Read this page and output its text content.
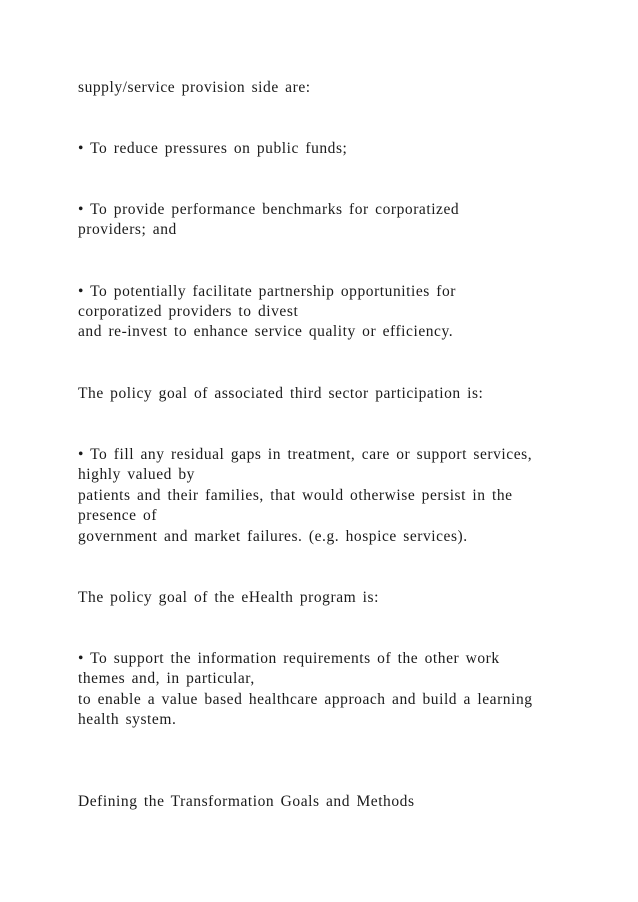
supply/service provision side are:
• To reduce pressures on public funds;
• To provide performance benchmarks for corporatized
providers; and
• To potentially facilitate partnership opportunities for
corporatized providers to divest
and re-invest to enhance service quality or efficiency.
The policy goal of associated third sector participation is:
• To fill any residual gaps in treatment, care or support services,
highly valued by
patients and their families, that would otherwise persist in the
presence of
government and market failures. (e.g. hospice services).
The policy goal of the eHealth program is:
• To support the information requirements of the other work
themes and, in particular,
to enable a value based healthcare approach and build a learning
health system.
Defining the Transformation Goals and Methods
